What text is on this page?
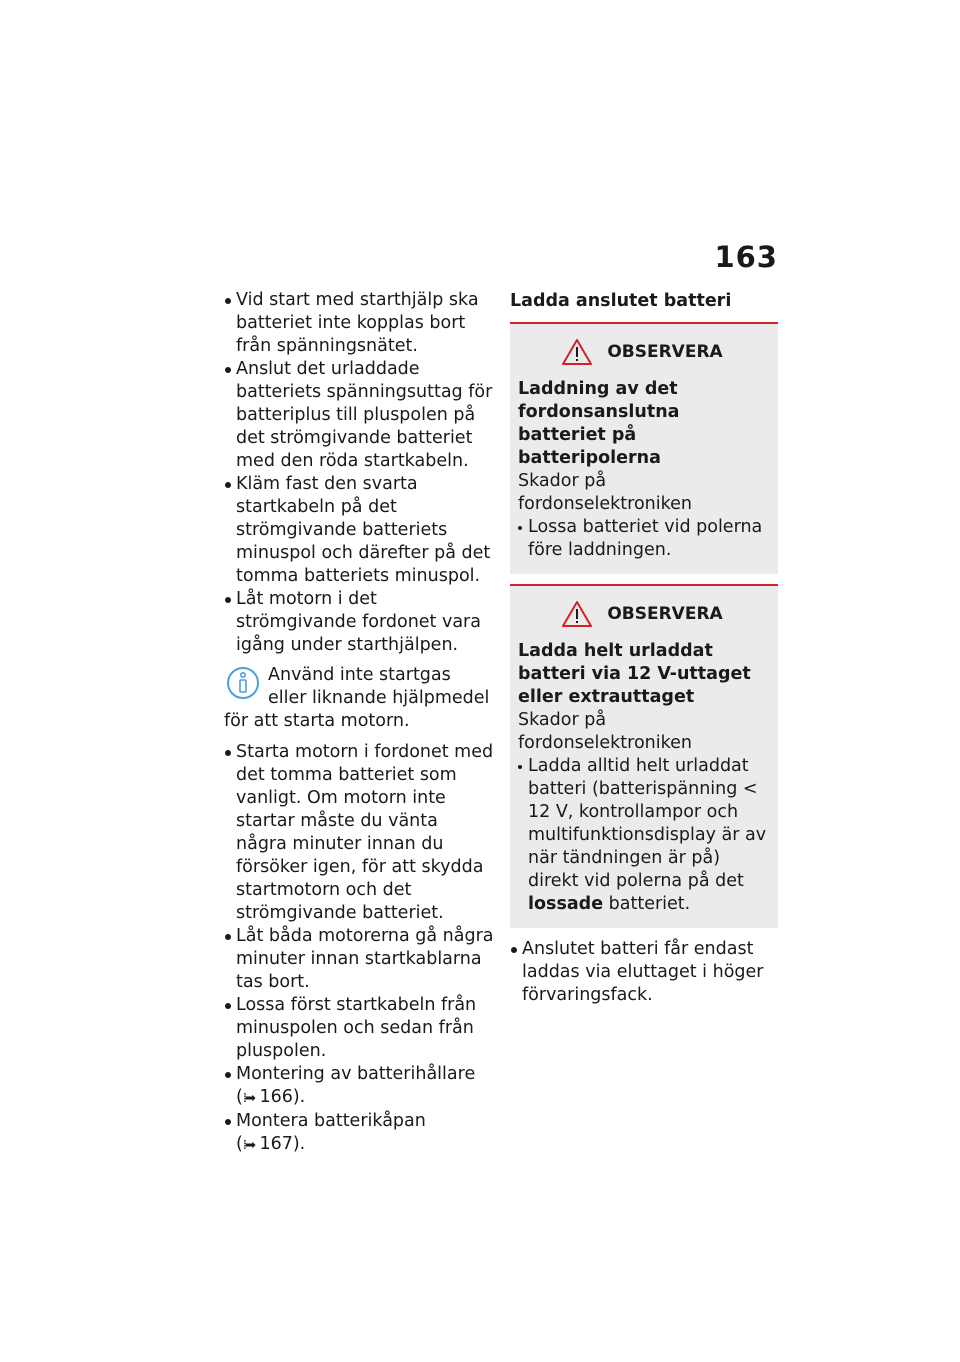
163
Vid start med starthjälp ska batteriet inte kopplas bort från spänningsnätet.
Anslut det urladdade batteriets spänningsuttag för batteriplus till pluspolen på det strömgivande batteriet med den röda startkabeln.
Kläm fast den svarta startkabeln på det strömgivande batteriets minuspol och därefter på det tomma batteriets minuspol.
Låt motorn i det strömgivande fordonet vara igång under starthjälpen.
Använd inte startgas eller liknande hjälpmedel för att starta motorn.
Starta motorn i fordonet med det tomma batteriet som vanligt. Om motorn inte startar måste du vänta några minuter innan du försöker igen, för att skydda startmotorn och det strömgivande batteriet.
Låt båda motorerna gå några minuter innan startkablarna tas bort.
Lossa först startkabeln från minuspolen och sedan från pluspolen.
Montering av batterihållare
(⁞➡ 166).
Montera batterikåpan
(⁞➡ 167).
Ladda anslutet batteri
OBSERVERA
Laddning av det fordonsanslutna batteriet på batteripolerna
Skador på fordonselektroniken
Lossa batteriet vid polerna före laddningen.
OBSERVERA
Ladda helt urladdat batteri via 12 V-uttaget eller extrauttaget
Skador på fordonselektroniken
Ladda alltid helt urladdat batteri (batterispänning < 12 V, kontrollampor och multifunktionsdisplay är av när tändningen är på) direkt vid polerna på det lossade batteriet.
Anslutet batteri får endast laddas via eluttaget i höger förvaringsfack.
